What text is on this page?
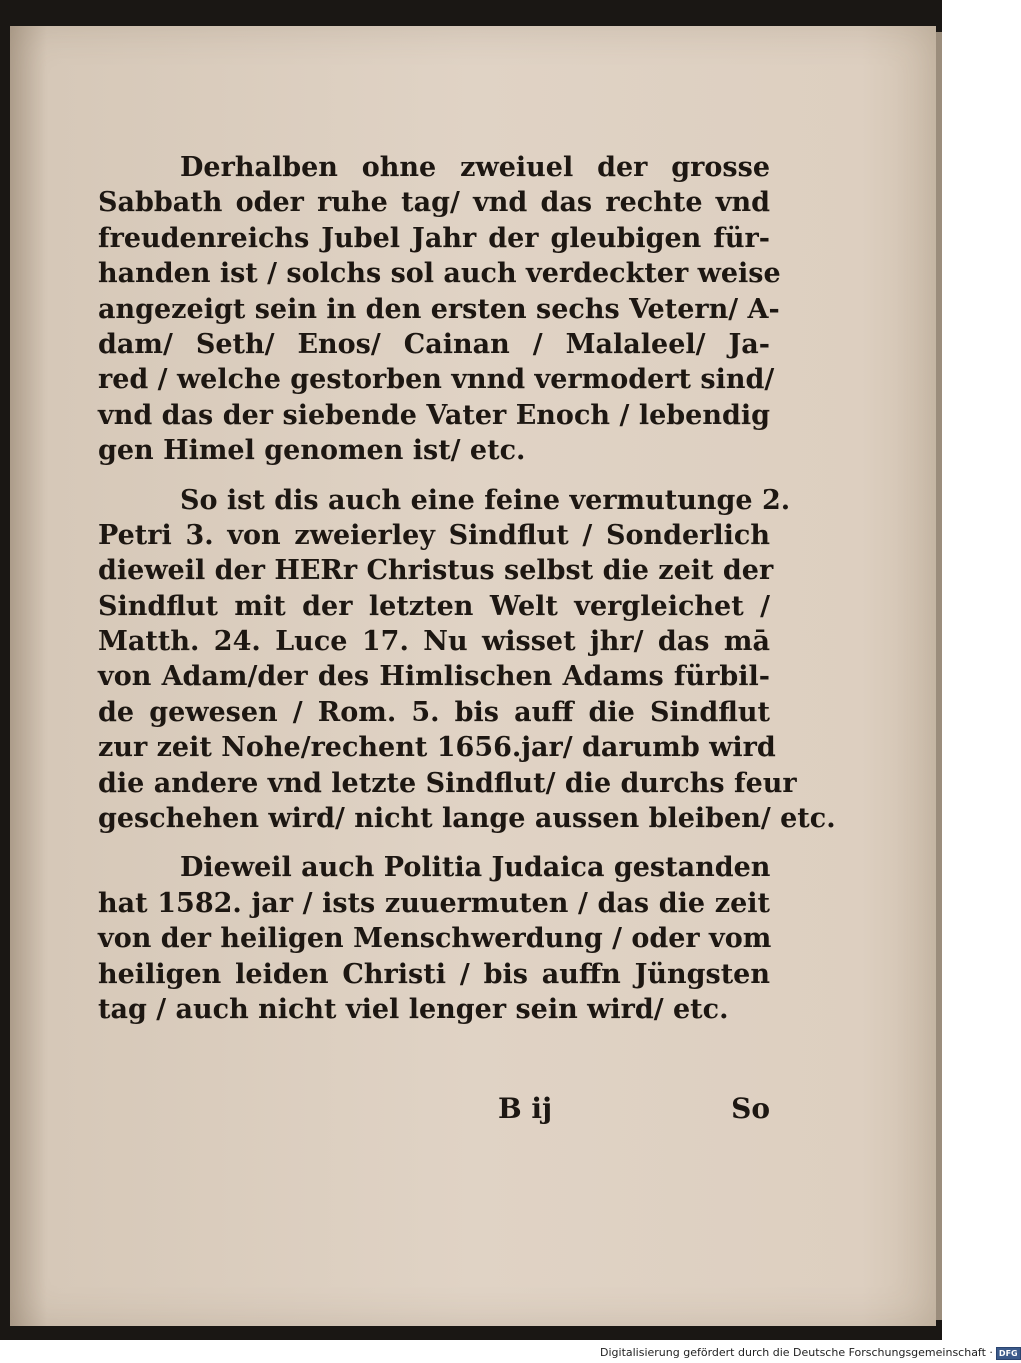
Derhalben ohne zweiuel der grosse
Sabbath oder ruhe tag/ vnd das rechte vnd
freudenreichs Jubel Jahr der gleubigen für-
handen ist / solchs sol auch verdeckter weise
angezeigt sein in den ersten sechs Vetern/ A-
dam/ Seth/ Enos/ Cainan / Malaleel/ Ja-
red / welche gestorben vnnd vermodert sind/
vnd das der siebende Vater Enoch / lebendig
gen Himel genomen ist/ etc.
So ist dis auch eine feine vermutunge 2.
Petri 3. von zweierley Sindflut / Sonderlich
dieweil der HERr Christus selbst die zeit der
Sindflut mit der letzten Welt vergleichet /
Matth. 24. Luce 17. Nu wisset jhr/ das mā
von Adam/der des Himlischen Adams fürbil-
de gewesen / Rom. 5. bis auff die Sindflut
zur zeit Nohe/rechent 1656.jar/ darumb wird
die andere vnd letzte Sindflut/ die durchs feur
geschehen wird/ nicht lange aussen bleiben/ etc.
Dieweil auch Politia Judaica gestanden
hat 1582. jar / ists zuuermuten / das die zeit
von der heiligen Menschwerdung / oder vom
heiligen leiden Christi / bis auffn Jüngsten
tag / auch nicht viel lenger sein wird/ etc.
B ij	So
Digitalisierung gefördert durch die Deutsche Forschungsgemeinschaft · DFG
